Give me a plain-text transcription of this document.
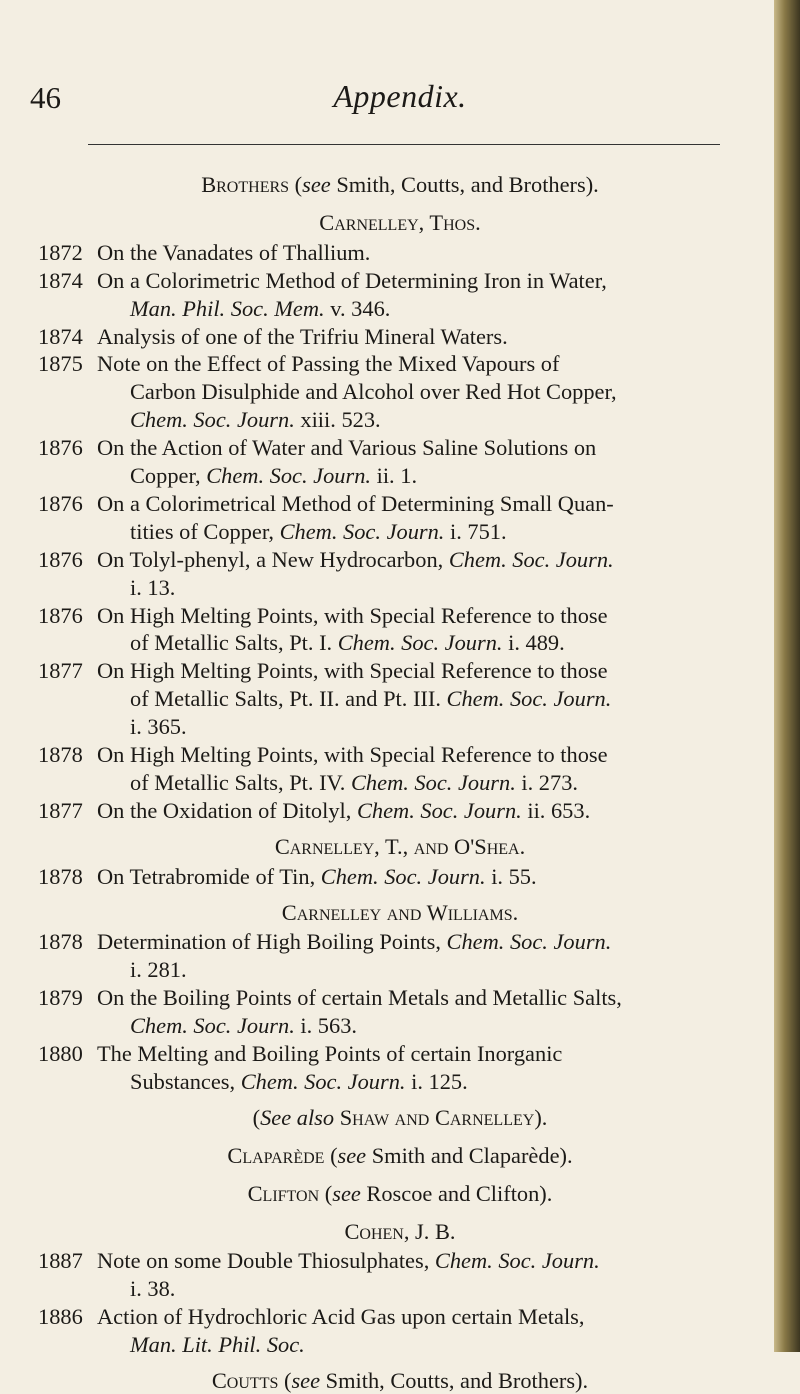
46	Appendix.
Brothers (see Smith, Coutts, and Brothers).
Carnelley, Thos.
1872 On the Vanadates of Thallium.
1874 On a Colorimetric Method of Determining Iron in Water,
Man. Phil. Soc. Mem. v. 346.
1874 Analysis of one of the Trifriu Mineral Waters.
1875 Note on the Effect of Passing the Mixed Vapours of
Carbon Disulphide and Alcohol over Red Hot Copper,
Chem. Soc. Journ. xiii. 523.
1876 On the Action of Water and Various Saline Solutions on
Copper, Chem. Soc. Journ. ii. 1.
1876 On a Colorimetrical Method of Determining Small Quan-
tities of Copper, Chem. Soc. Journ. i. 751.
1876 On Tolyl-phenyl, a New Hydrocarbon, Chem. Soc. Journ.
i. 13.
1876 On High Melting Points, with Special Reference to those
of Metallic Salts, Pt. I. Chem. Soc. Journ. i. 489.
1877 On High Melting Points, with Special Reference to those
of Metallic Salts, Pt. II. and Pt. III. Chem. Soc. Journ.
i. 365.
1878 On High Melting Points, with Special Reference to those
of Metallic Salts, Pt. IV. Chem. Soc. Journ. i. 273.
1877 On the Oxidation of Ditolyl, Chem. Soc. Journ. ii. 653.
Carnelley, T., and O'Shea.
1878 On Tetrabromide of Tin, Chem. Soc. Journ. i. 55.
Carnelley and Williams.
1878 Determination of High Boiling Points, Chem. Soc. Journ.
i. 281.
1879 On the Boiling Points of certain Metals and Metallic Salts,
Chem. Soc. Journ. i. 563.
1880 The Melting and Boiling Points of certain Inorganic
Substances, Chem. Soc. Journ. i. 125.
(See also Shaw and Carnelley).
Claparède (see Smith and Claparède).
Clifton (see Roscoe and Clifton).
Cohen, J. B.
1887 Note on some Double Thiosulphates, Chem. Soc. Journ.
i. 38.
1886 Action of Hydrochloric Acid Gas upon certain Metals,
Man. Lit. Phil. Soc.
Coutts (see Smith, Coutts, and Brothers).
